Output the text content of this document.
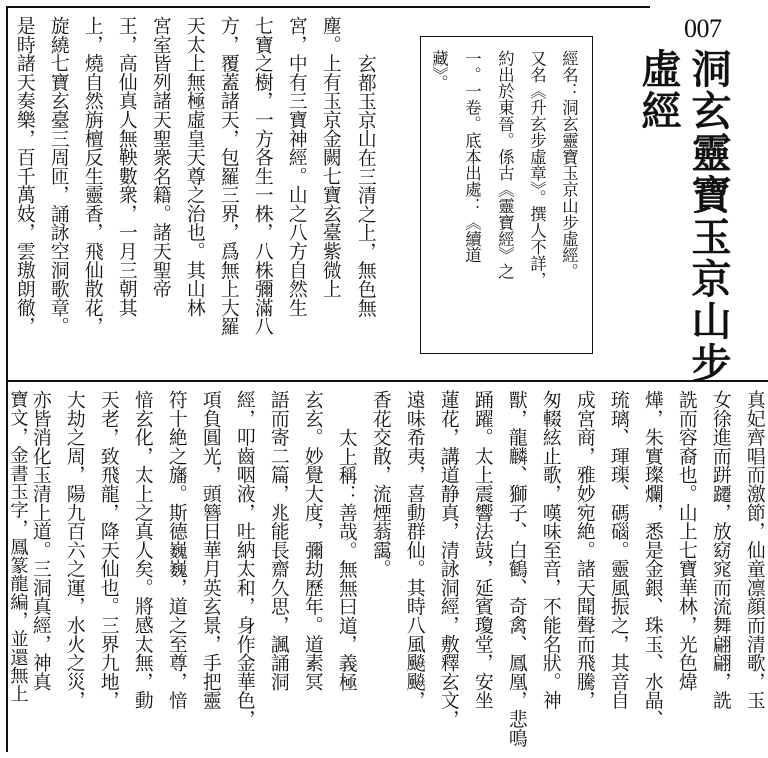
007
洞玄靈寶玉京山步
虛經
經名：洞玄靈寶玉京山步虛經。
又名《升玄步虛章》。撰人不詳，
約出於東晉。係古《靈寶經》之
一。一卷。底本出處：《續道
藏》。
玄都玉京山在三清之上，無色無
塵。上有玉京金闕七寶玄臺紫微上
宮，中有三寶神經。山之八方自然生
七寶之樹，一方各生一株，八株彌滿八
方，覆蓋諸天，包羅三界，爲無上大羅
天太上無極虛皇天尊之治也。其山林
宮室皆列諸天聖衆名籍。諸天聖帝
王，高仙真人無鞅數衆，一月三朝其
上，燒自然旃檀反生靈香，飛仙散花，
旋繞七寶玄臺三周匝，誦詠空洞歌章。
是時諸天奏樂，百千萬妓，雲璈朗徹，
真妃齊唱而激節，仙童凛顔而清歌，玉
女徐進而跰躚，放窈窕而流舞翩翩，詵
詵而容裔也。山上七寶華林，光色煒
燁，朱實璨爛，悉是金銀、珠玉、水晶、
琉璃、琿璖、碼碯。靈風振之，其音自
成宮商，雅妙宛絶。諸天聞聲而飛騰，
匆輟絃止歌，嘆味至音，不能名狀。神
獸，龍麟、獅子、白鶴、奇禽、鳳凰，悲鳴
踊躍。太上震響法鼓，延賓瓊堂，安坐
蓮花，講道静真，清詠洞經，敷釋玄文，
遠味希夷，喜動群仙。其時八風飈飈，
香花交散，流煙蓊靄。
太上稱：善哉。無無曰道，義極
玄玄。妙覺大度，彌劫歷年。道素冥
語而寄二篇，兆能長齋久思，諷誦洞
經，叩齒咽液，吐納太和，身作金華色，
項負圓光，頭簪日華月英玄景，手把靈
符十絶之旛。斯德巍巍，道之至尊，愔
愔玄化，太上之真人矣。將感太無，動
天老，致飛龍，降天仙也。三界九地，
大劫之周，陽九百六之運，水火之災，
亦皆消化玉清上道。三洞真經，神真
寶文，金書玉字，鳳篆龍編，並還無上
